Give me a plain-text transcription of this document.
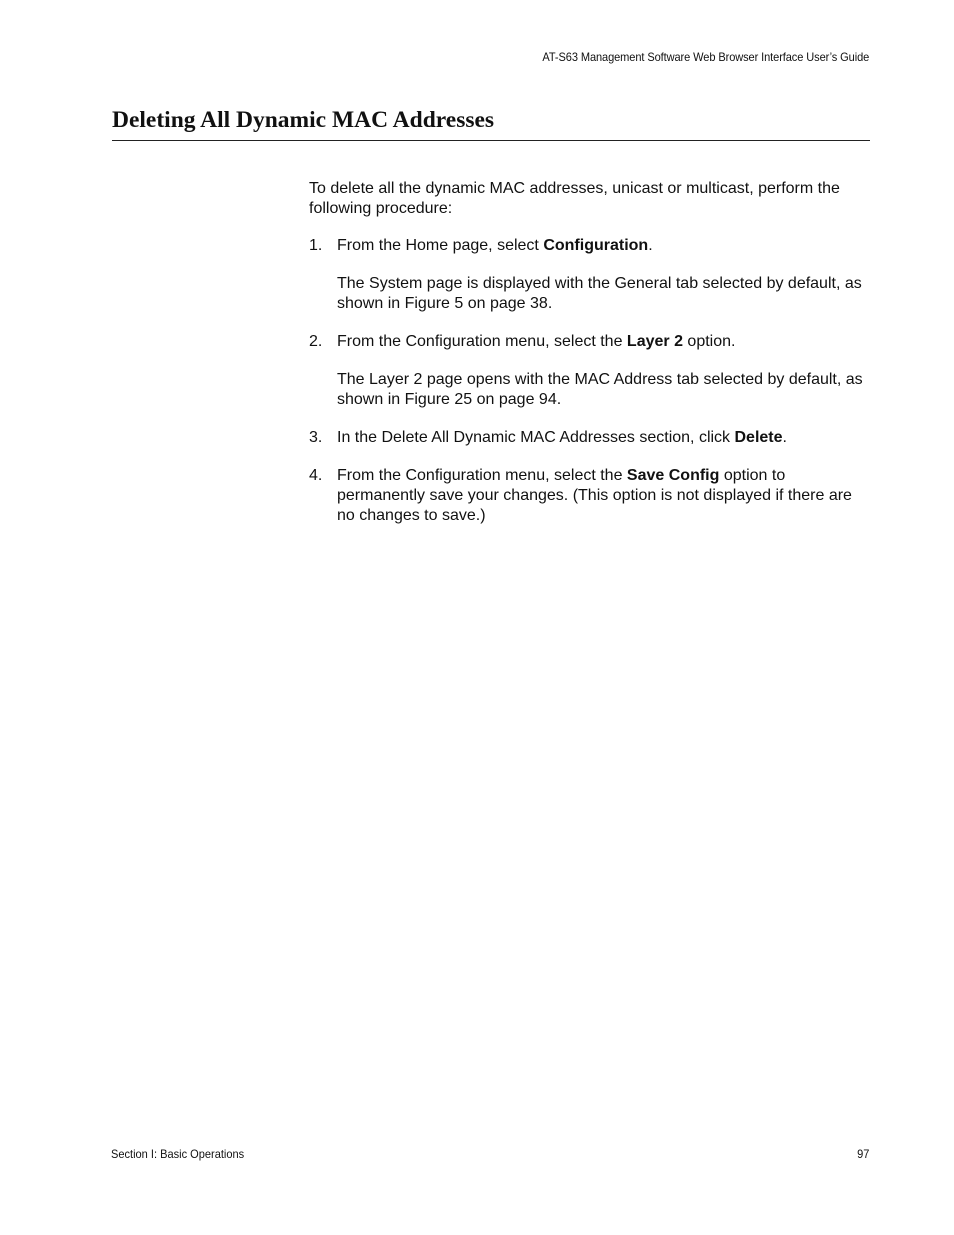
AT-S63 Management Software Web Browser Interface User’s Guide
Deleting All Dynamic MAC Addresses

To delete all the dynamic MAC addresses, unicast or multicast, perform the following procedure:

1. From the Home page, select Configuration.

The System page is displayed with the General tab selected by default, as shown in Figure 5 on page 38.

2. From the Configuration menu, select the Layer 2 option.

The Layer 2 page opens with the MAC Address tab selected by default, as shown in Figure 25 on page 94.

3. In the Delete All Dynamic MAC Addresses section, click Delete.

4. From the Configuration menu, select the Save Config option to permanently save your changes. (This option is not displayed if there are no changes to save.)

Section I: Basic Operations	97
